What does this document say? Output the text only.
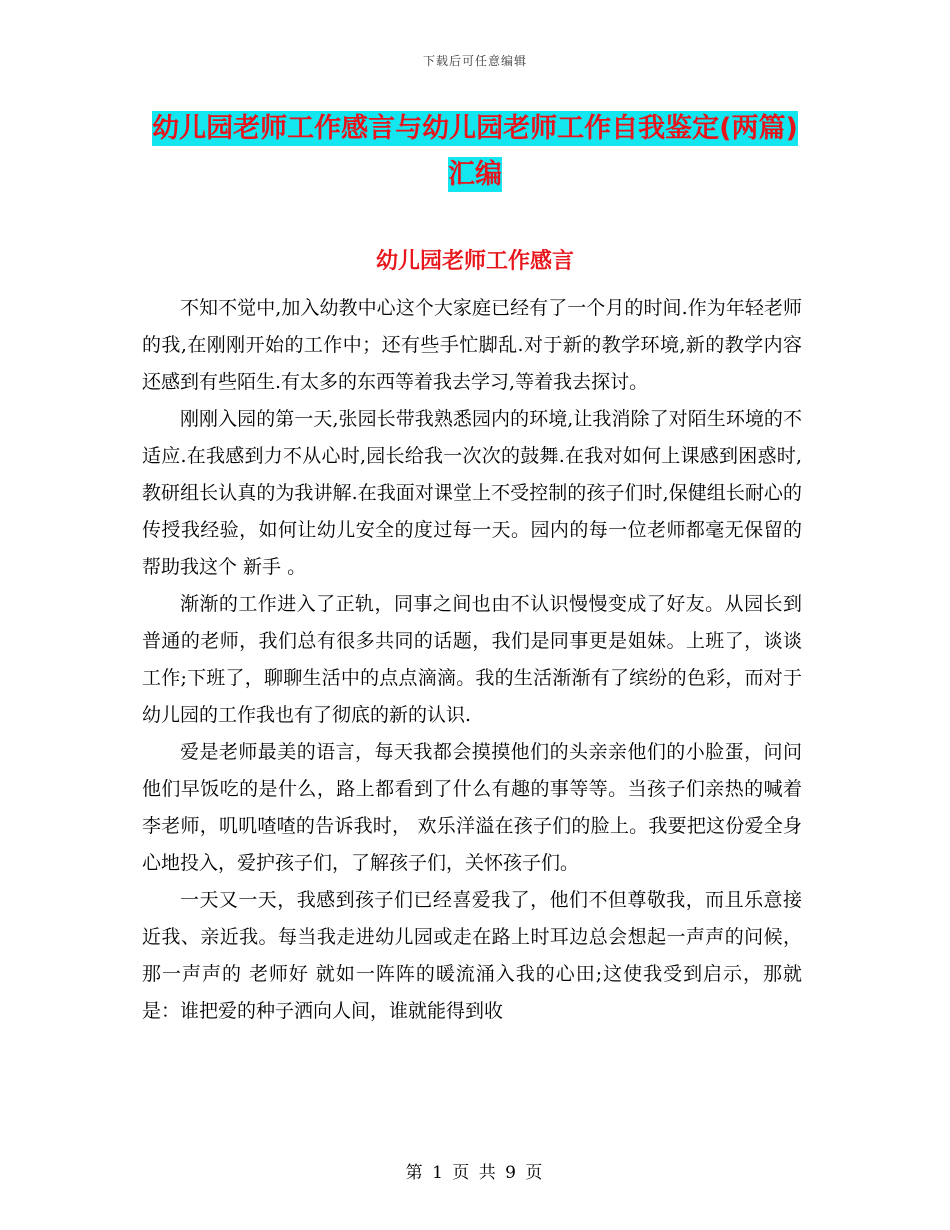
下载后可任意编辑
幼儿园老师工作感言与幼儿园老师工作自我鉴定(两篇)汇编
幼儿园老师工作感言

不知不觉中,加入幼教中心这个大家庭已经有了一个月的时间.作为年轻老师的我,在刚刚开始的工作中；还有些手忙脚乱.对于新的教学环境,新的教学内容还感到有些陌生.有太多的东西等着我去学习,等着我去探讨。

刚刚入园的第一天,张园长带我熟悉园内的环境,让我消除了对陌生环境的不适应.在我感到力不从心时,园长给我一次次的鼓舞.在我对如何上课感到困惑时,教研组长认真的为我讲解.在我面对课堂上不受控制的孩子们时,保健组长耐心的传授我经验，如何让幼儿安全的度过每一天。园内的每一位老师都毫无保留的帮助我这个 新手 。

渐渐的工作进入了正轨，同事之间也由不认识慢慢变成了好友。从园长到普通的老师，我们总有很多共同的话题，我们是同事更是姐妹。上班了，谈谈工作;下班了，聊聊生活中的点点滴滴。我的生活渐渐有了缤纷的色彩，而对于幼儿园的工作我也有了彻底的新的认识.

爱是老师最美的语言，每天我都会摸摸他们的头亲亲他们的小脸蛋，问问他们早饭吃的是什么，路上都看到了什么有趣的事等等。当孩子们亲热的喊着李老师，叽叽喳喳的告诉我时， 欢乐洋溢在孩子们的脸上。我要把这份爱全身心地投入，爱护孩子们，了解孩子们，关怀孩子们。

一天又一天，我感到孩子们已经喜爱我了，他们不但尊敬我，而且乐意接近我、亲近我。每当我走进幼儿园或走在路上时耳边总会想起一声声的问候，那一声声的 老师好 就如一阵阵的暖流涌入我的心田;这使我受到启示，那就是：谁把爱的种子洒向人间，谁就能得到收

第 1 页 共 9 页
